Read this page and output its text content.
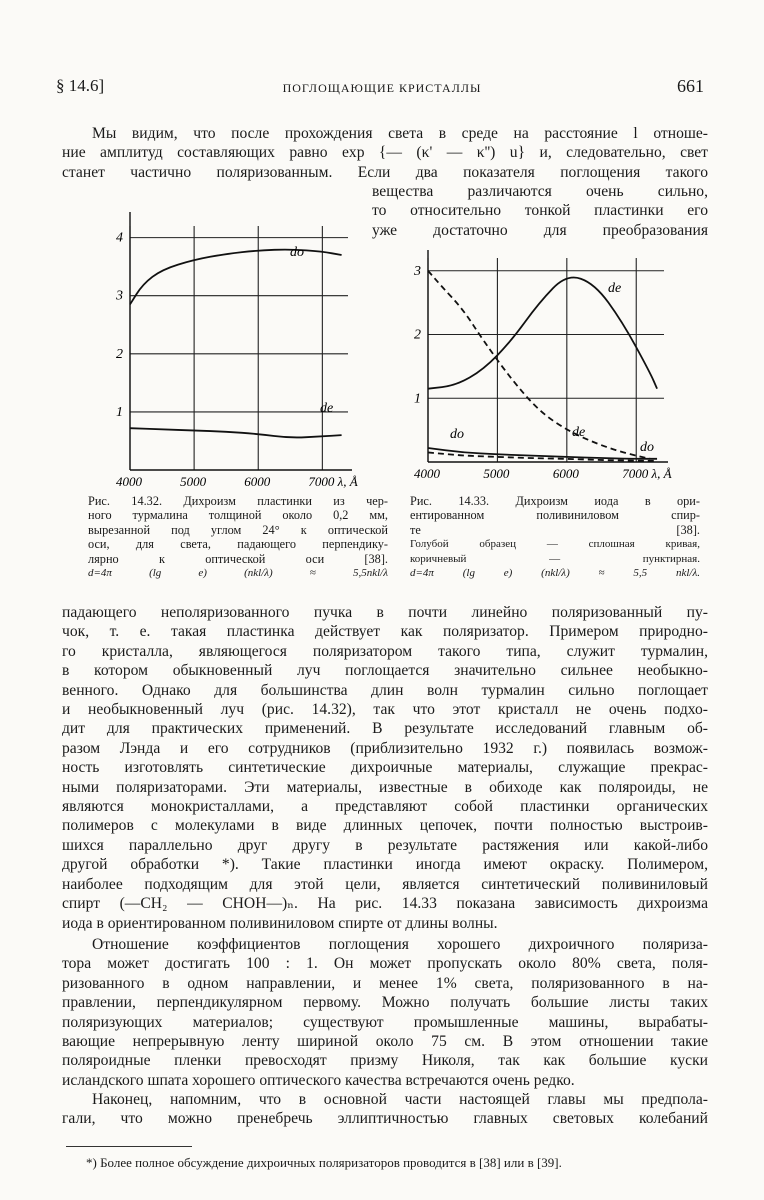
§ 14.6]	ПОГЛОЩАЮЩИЕ КРИСТАЛЛЫ	661
Мы видим, что после прохождения света в среде на расстояние l отноше-
ние амплитуд составляющих равно exp {— (κ' — κ'') u} и, следовательно, свет
станет частично поляризованным. Если два показателя поглощения такого
вещества различаются очень сильно,
то относительно тонкой пластинки его
уже достаточно для преобразования
4000	5000	6000	7000 λ, Å
1
2
3
4
do
de
Рис. 14.32. Дихроизм пластинки из чер-
ного турмалина толщиной около 0,2 мм,
вырезанной под углом 24° к оптической
оси, для света, падающего перпендику-
лярно к оптической оси [38].
d=4π (lg e) (nkl/λ) ≈ 5,5nkl/λ
4000	5000	6000	7000 λ, Å
1
2
3
de
de
do
do
Рис. 14.33. Дихроизм иода в ори-
ентированном поливиниловом спир-
те [38].
Голубой образец — сплошная кривая,
коричневый — пунктирная.
d=4π (lg e) (nkl/λ) ≈ 5,5 nkl/λ.
падающего неполяризованного пучка в почти линейно поляризованный пу-
чок, т. е. такая пластинка действует как поляризатор. Примером природно-
го кристалла, являющегося поляризатором такого типа, служит турмалин,
в котором обыкновенный луч поглощается значительно сильнее необыкно-
венного. Однако для большинства длин волн турмалин сильно поглощает
и необыкновенный луч (рис. 14.32), так что этот кристалл не очень подхо-
дит для практических применений. В результате исследований главным об-
разом Лэнда и его сотрудников (приблизительно 1932 г.) появилась возмож-
ность изготовлять синтетические дихроичные материалы, служащие прекрас-
ными поляризаторами. Эти материалы, известные в обиходе как поляроиды, не
являются монокристаллами, а представляют собой пластинки органических
полимеров с молекулами в виде длинных цепочек, почти полностью выстроив-
шихся параллельно друг другу в результате растяжения или какой-либо
другой обработки *). Такие пластинки иногда имеют окраску. Полимером,
наиболее подходящим для этой цели, является синтетический поливиниловый
спирт (—CH₂ — CHOH—)ₙ. На рис. 14.33 показана зависимость дихроизма
иода в ориентированном поливиниловом спирте от длины волны.
Отношение коэффициентов поглощения хорошего дихроичного поляриза-
тора может достигать 100 : 1. Он может пропускать около 80% света, поля-
ризованного в одном направлении, и менее 1% света, поляризованного в на-
правлении, перпендикулярном первому. Можно получать большие листы таких
поляризующих материалов; существуют промышленные машины, вырабаты-
вающие непрерывную ленту шириной около 75 см. В этом отношении такие
поляроидные пленки превосходят призму Николя, так как большие куски
исландского шпата хорошего оптического качества встречаются очень редко.
Наконец, напомним, что в основной части настоящей главы мы предпола-
гали, что можно пренебречь эллиптичностью главных световых колебаний
*) Более полное обсуждение дихроичных поляризаторов проводится в [38] или в [39].
